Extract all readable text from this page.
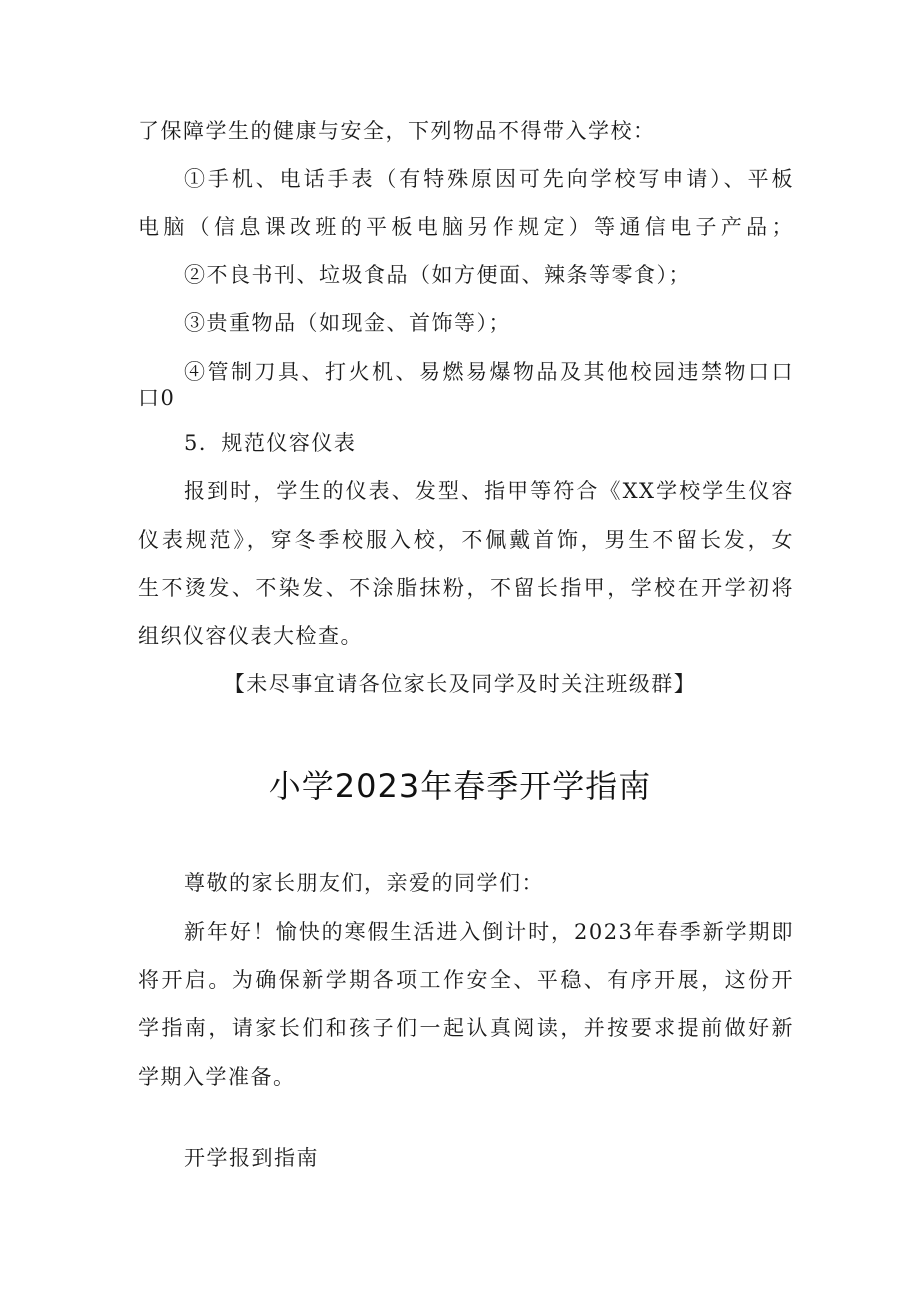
了保障学生的健康与安全，下列物品不得带入学校：

①手机、电话手表（有特殊原因可先向学校写申请）、平板

电脑（信息课改班的平板电脑另作规定）等通信电子产品；

②不良书刊、垃圾食品（如方便面、辣条等零食）；

③贵重物品（如现金、首饰等）；

④管制刀具、打火机、易燃易爆物品及其他校园违禁物口口

口0

5．规范仪容仪表

报到时，学生的仪表、发型、指甲等符合《XX学校学生仪容

仪表规范》，穿冬季校服入校，不佩戴首饰，男生不留长发，女

生不烫发、不染发、不涂脂抹粉，不留长指甲，学校在开学初将

组织仪容仪表大检查。

【未尽事宜请各位家长及同学及时关注班级群】

小学2023年春季开学指南

尊敬的家长朋友们，亲爱的同学们：

新年好！愉快的寒假生活进入倒计时，2023年春季新学期即

将开启。为确保新学期各项工作安全、平稳、有序开展，这份开

学指南，请家长们和孩子们一起认真阅读，并按要求提前做好新

学期入学准备。

开学报到指南
